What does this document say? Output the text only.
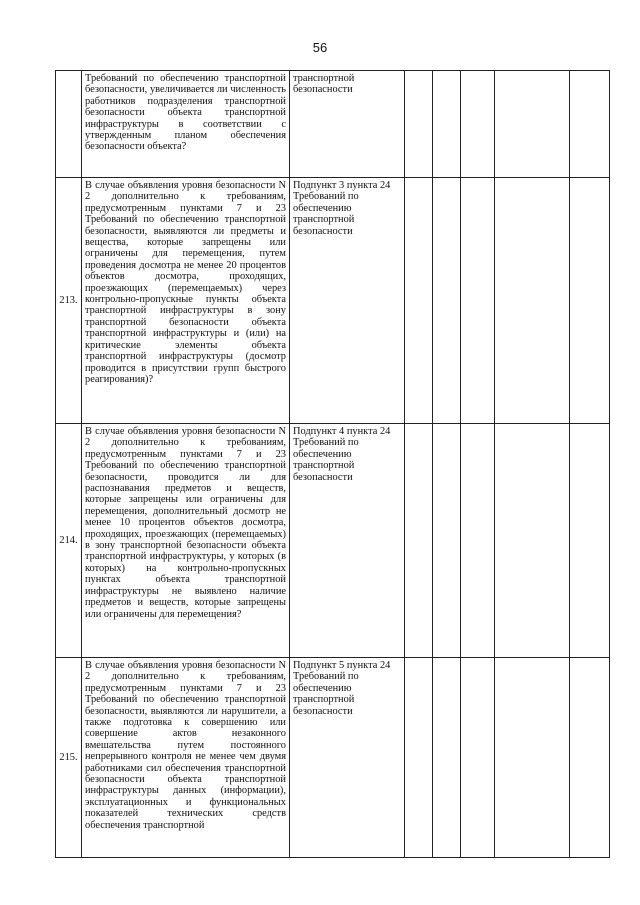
56
	Требований по обеспечению транспортной безопасности, увеличивается ли численность работников подразделения транспортной безопасности объекта транспортной инфраструктуры в соответствии с утвержденным планом обеспечения безопасности объекта?	транспортной безопасности					
213.	В случае объявления уровня безопасности N 2 дополнительно к требованиям, предусмотренным пунктами 7 и 23 Требований по обеспечению транспортной безопасности, выявляются ли предметы и вещества, которые запрещены или ограничены для перемещения, путем проведения досмотра не менее 20 процентов объектов досмотра, проходящих, проезжающих (перемещаемых) через контрольно-пропускные пункты объекта транспортной инфраструктуры в зону транспортной безопасности объекта транспортной инфраструктуры и (или) на критические элементы объекта транспортной инфраструктуры (досмотр проводится в присутствии групп быстрого реагирования)?	Подпункт 3 пункта 24 Требований по обеспечению транспортной безопасности					
214.	В случае объявления уровня безопасности N 2 дополнительно к требованиям, предусмотренным пунктами 7 и 23 Требований по обеспечению транспортной безопасности, проводится ли для распознавания предметов и веществ, которые запрещены или ограничены для перемещения, дополнительный досмотр не менее 10 процентов объектов досмотра, проходящих, проезжающих (перемещаемых) в зону транспортной безопасности объекта транспортной инфраструктуры, у которых (в которых) на контрольно-пропускных пунктах объекта транспортной инфраструктуры не выявлено наличие предметов и веществ, которые запрещены или ограничены для перемещения?	Подпункт 4 пункта 24 Требований по обеспечению транспортной безопасности					
215.	В случае объявления уровня безопасности N 2 дополнительно к требованиям, предусмотренным пунктами 7 и 23 Требований по обеспечению транспортной безопасности, выявляются ли нарушители, а также подготовка к совершению или совершение актов незаконного вмешательства путем постоянного непрерывного контроля не менее чем двумя работниками сил обеспечения транспортной безопасности объекта транспортной инфраструктуры данных (информации), эксплуатационных и функциональных показателей технических средств обеспечения транспортной	Подпункт 5 пункта 24 Требований по обеспечению транспортной безопасности					
